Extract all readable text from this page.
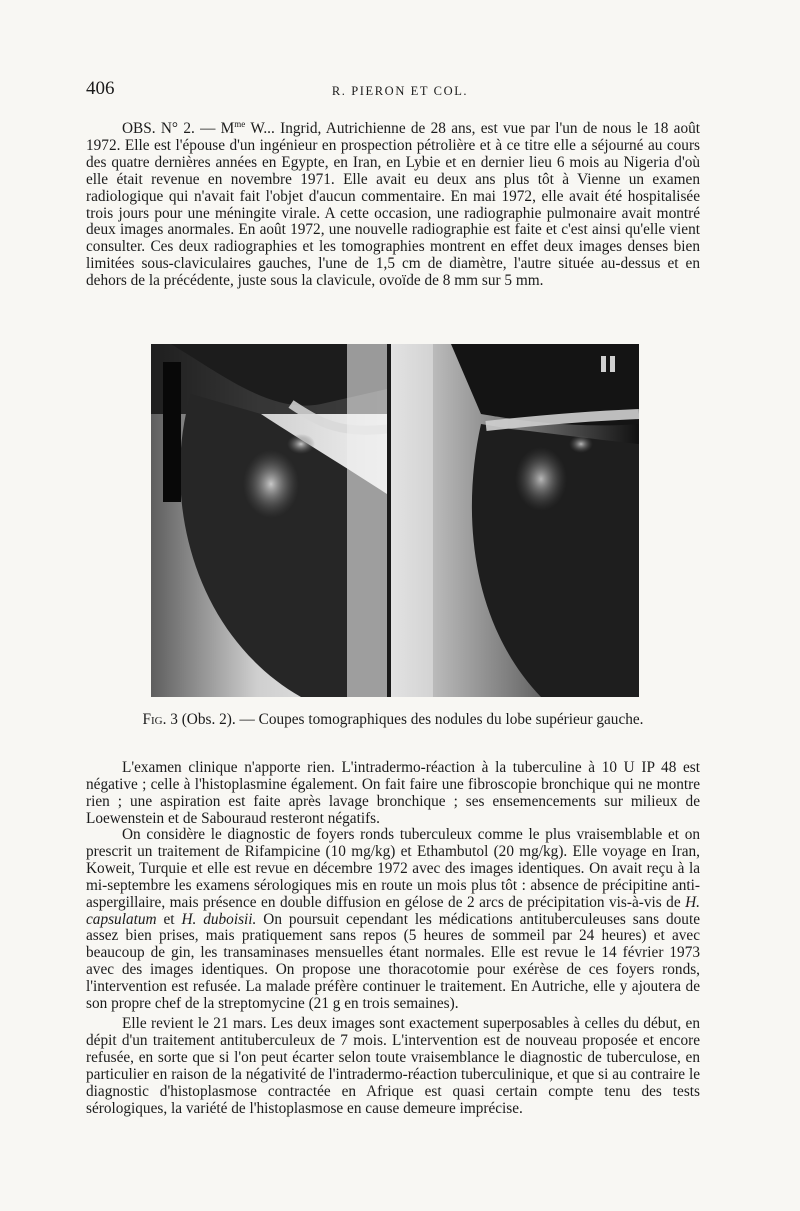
406	R. PIERON ET COL.

OBS. N° 2. — $M^{me}$ W... Ingrid, Autrichienne de 28 ans, est vue par l'un de nous le 18 août 1972. Elle est l'épouse d'un ingénieur en prospection pétrolière et à ce titre elle a séjourné au cours des quatre dernières années en Egypte, en Iran, en Lybie et en dernier lieu 6 mois au Nigeria d'où elle était revenue en novembre 1971. Elle avait eu deux ans plus tôt à Vienne un examen radiologique qui n'avait fait l'objet d'aucun commentaire. En mai 1972, elle avait été hospitalisée trois jours pour une méningite virale. A cette occasion, une radiographie pulmonaire avait montré deux images anormales. En août 1972, une nouvelle radiographie est faite et c'est ainsi qu'elle vient consulter. Ces deux radiographies et les tomographies montrent en effet deux images denses bien limitées sous-claviculaires gauches, l'une de 1,5 cm de diamètre, l'autre située au-dessus et en dehors de la précédente, juste sous la clavicule, ovoïde de 8 mm sur 5 mm.

Fig. 3 (Obs. 2). — Coupes tomographiques des nodules du lobe supérieur gauche.

L'examen clinique n'apporte rien. L'intradermo-réaction à la tuberculine à 10 U IP 48 est négative ; celle à l'histoplasmine également. On fait faire une fibroscopie bronchique qui ne montre rien ; une aspiration est faite après lavage bronchique ; ses ensemencements sur milieux de Loewenstein et de Sabouraud resteront négatifs.

On considère le diagnostic de foyers ronds tuberculeux comme le plus vraisemblable et on prescrit un traitement de Rifampicine (10 mg/kg) et Ethambutol (20 mg/kg). Elle voyage en Iran, Koweit, Turquie et elle est revue en décembre 1972 avec des images identiques. On avait reçu à la mi-septembre les examens sérologiques mis en route un mois plus tôt : absence de précipitine anti-aspergillaire, mais présence en double diffusion en gélose de 2 arcs de précipitation vis-à-vis de H. capsulatum et H. duboisii. On poursuit cependant les médications antituberculeuses sans doute assez bien prises, mais pratiquement sans repos (5 heures de sommeil par 24 heures) et avec beaucoup de gin, les transaminases mensuelles étant normales. Elle est revue le 14 février 1973 avec des images identiques. On propose une thoracotomie pour exérèse de ces foyers ronds, l'intervention est refusée. La malade préfère continuer le traitement. En Autriche, elle y ajoutera de son propre chef de la streptomycine (21 g en trois semaines).

Elle revient le 21 mars. Les deux images sont exactement superposables à celles du début, en dépit d'un traitement antituberculeux de 7 mois. L'intervention est de nouveau proposée et encore refusée, en sorte que si l'on peut écarter selon toute vraisemblance le diagnostic de tuberculose, en particulier en raison de la négativité de l'intradermo-réaction tuberculinique, et que si au contraire le diagnostic d'histoplasmose contractée en Afrique est quasi certain compte tenu des tests sérologiques, la variété de l'histoplasmose en cause demeure imprécise.
